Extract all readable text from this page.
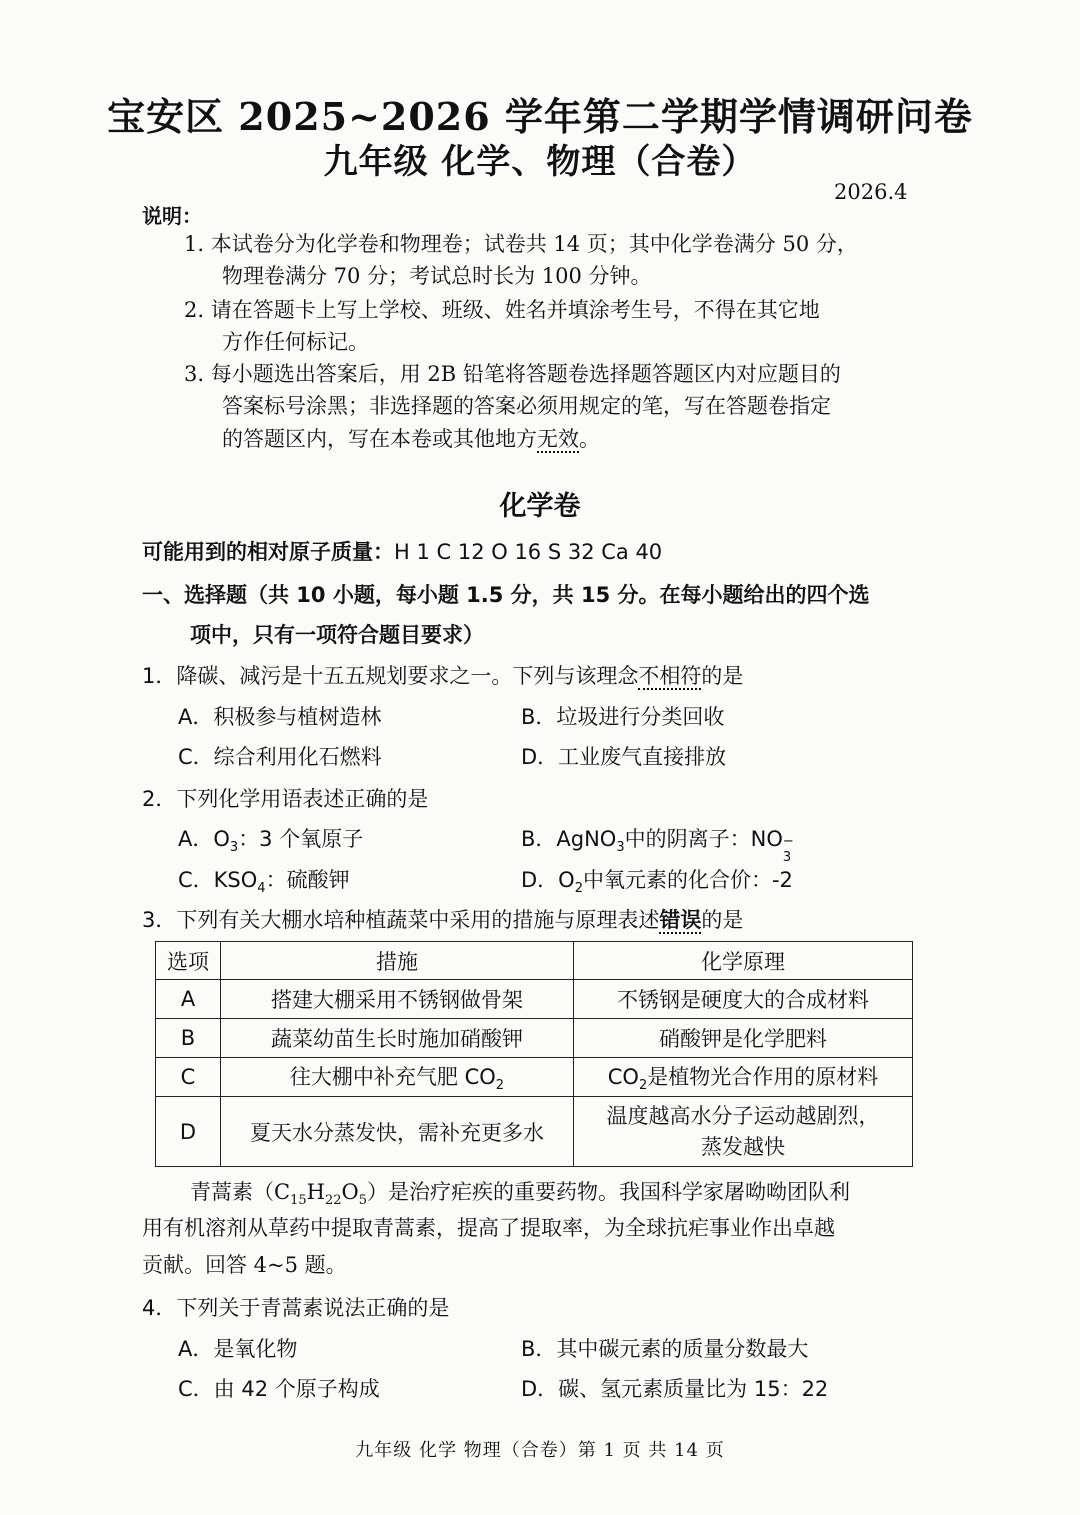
宝安区 2025~2026 学年第二学期学情调研问卷
九年级 化学、物理（合卷）
2026.4
说明：
1. 本试卷分为化学卷和物理卷；试卷共 14 页；其中化学卷满分 50 分，
物理卷满分 70 分；考试总时长为 100 分钟。
2. 请在答题卡上写上学校、班级、姓名并填涂考生号，不得在其它地
方作任何标记。
3. 每小题选出答案后，用 2B 铅笔将答题卷选择题答题区内对应题目的
答案标号涂黑；非选择题的答案必须用规定的笔，写在答题卷指定
的答题区内，写在本卷或其他地方无效。
化学卷
可能用到的相对原子质量：H 1 C 12 O 16 S 32 Ca 40
一、选择题（共 10 小题，每小题 1.5 分，共 15 分。在每小题给出的四个选
项中，只有一项符合题目要求）
1．降碳、减污是十五五规划要求之一。下列与该理念不相符的是
A．积极参与植树造林	B．垃圾进行分类回收
C．综合利用化石燃料	D．工业废气直接排放
2．下列化学用语表述正确的是
A．$O_3$：3 个氧原子	B．AgNO$_3$中的阴离子：NO −
3
C．$KSO_4$：硫酸钾	D．$O_2$中氧元素的化合价：-2
3．下列有关大棚水培种植蔬菜中采用的措施与原理表述错误的是
选项	措施	化学原理
A	搭建大棚采用不锈钢做骨架	不锈钢是硬度大的合成材料
B	蔬菜幼苗生长时施加硝酸钾	硝酸钾是化学肥料
C	往大棚中补充气肥 $CO_2$	$CO_2$是植物光合作用的原材料
D	夏天水分蒸发快，需补充更多水	温度越高水分子运动越剧烈，
蒸发越快
青蒿素$(C_{15}H_{22}O_5)$是治疗疟疾的重要药物。我国科学家屠呦呦团队利
用有机溶剂从草药中提取青蒿素，提高了提取率，为全球抗疟事业作出卓越
贡献。回答 4~5 题。
4．下列关于青蒿素说法正确的是
A．是氧化物	B．其中碳元素的质量分数最大
C．由 42 个原子构成	D．碳、氢元素质量比为 15：22
九年级 化学 物理（合卷）第 1 页 共 14 页
